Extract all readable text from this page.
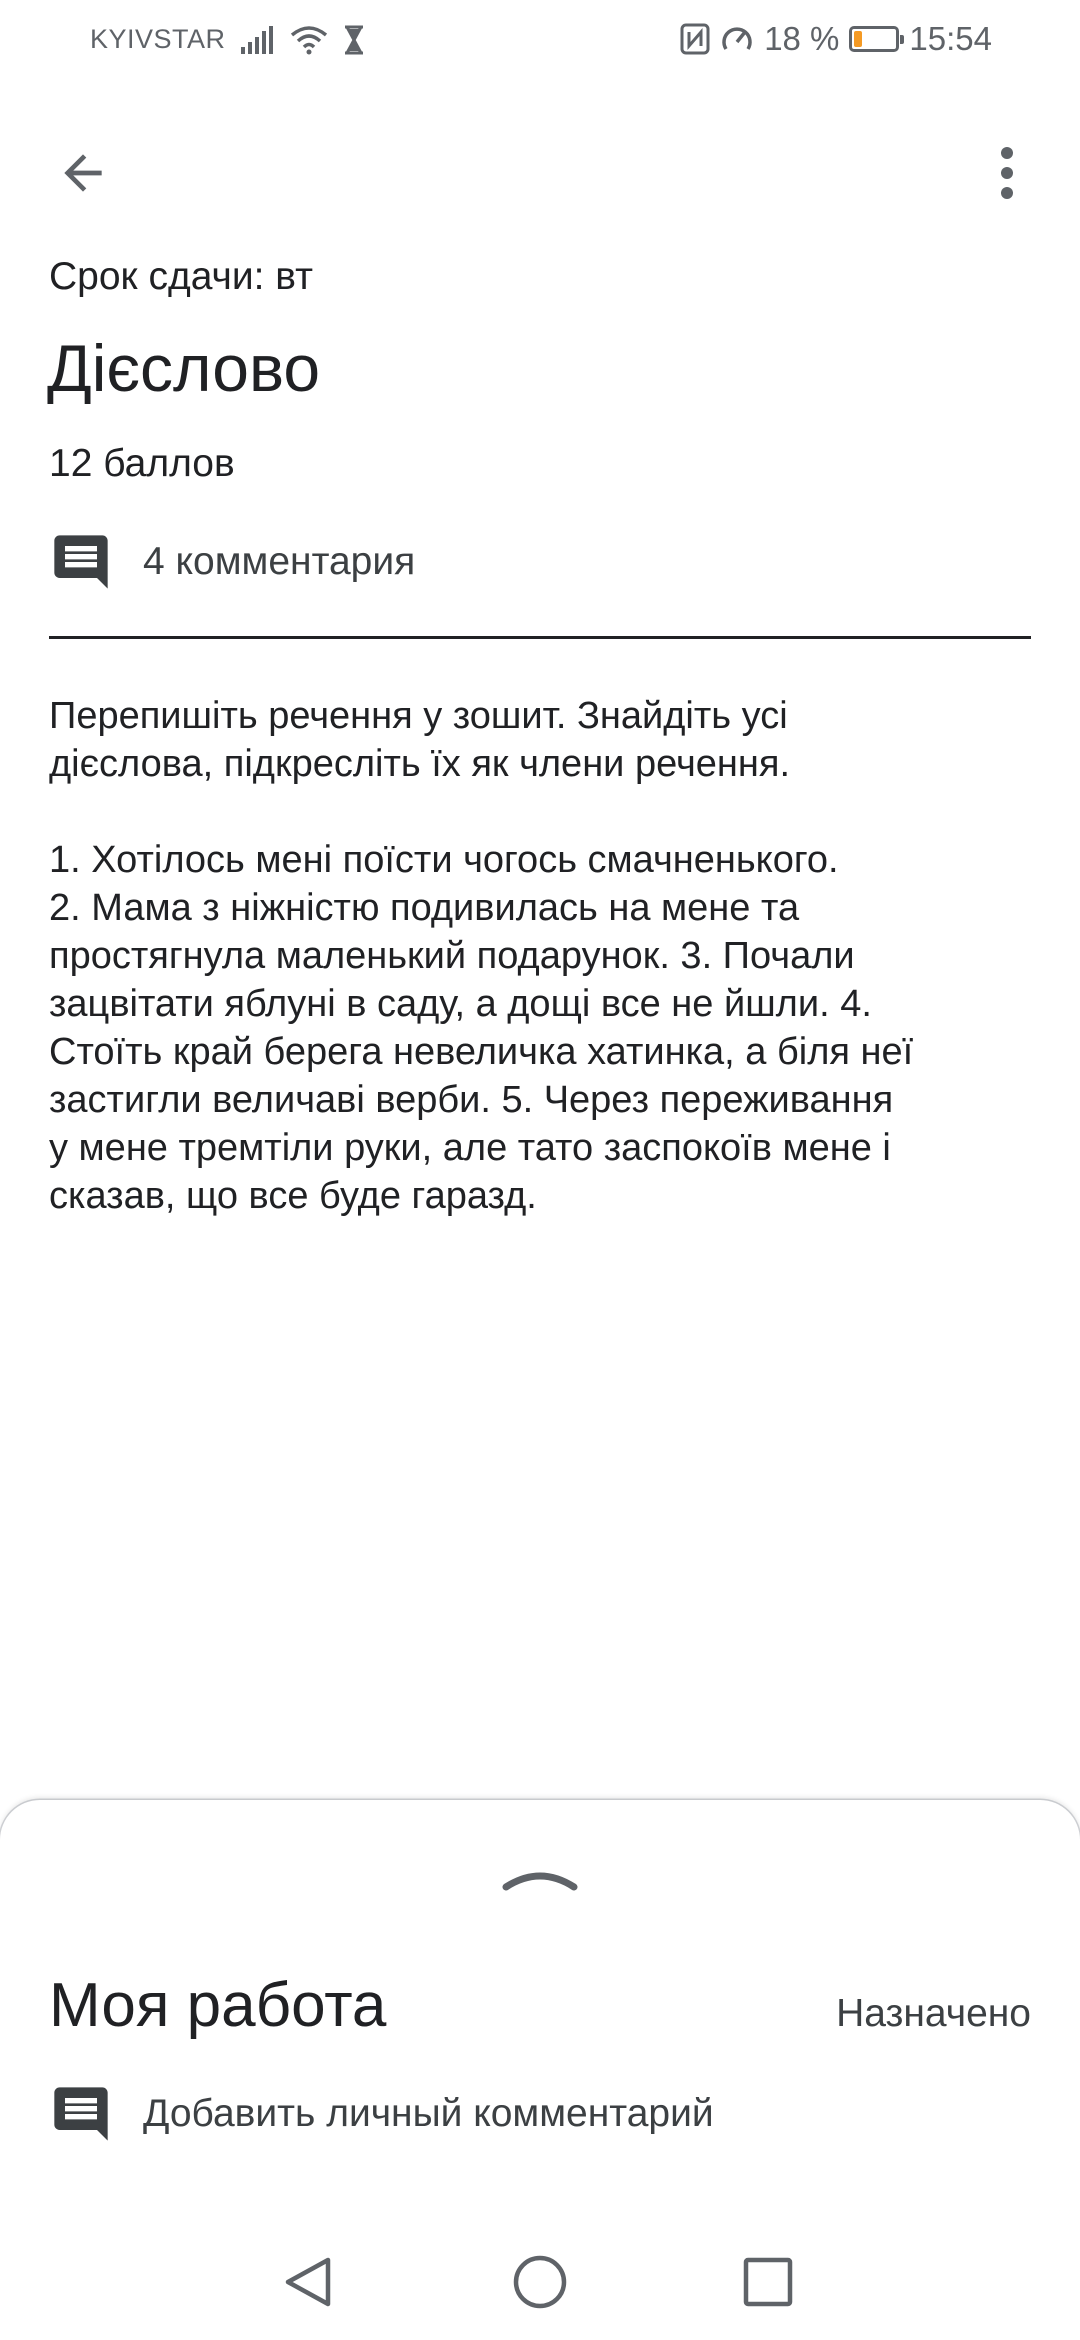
KYIVSTAR	18 % 15:54
Срок сдачи: вт
Дієслово
12 баллов
4 комментария

Перепишіть речення у зошит. Знайдіть усі
дієслова, підкресліть їх як члени речення.

1. Хотілось мені поїсти чогось смачненького.
2. Мама з ніжністю подивилась на мене та
простягнула маленький подарунок. 3. Почали
зацвітати яблуні в саду, а дощі все не йшли. 4.
Стоїть край берега невеличка хатинка, а біля неї
застигли величаві верби. 5. Через переживання
у мене тремтіли руки, але тато заспокоїв мене і
сказав, що все буде гаразд.

Моя работа	Назначено
Добавить личный комментарий
